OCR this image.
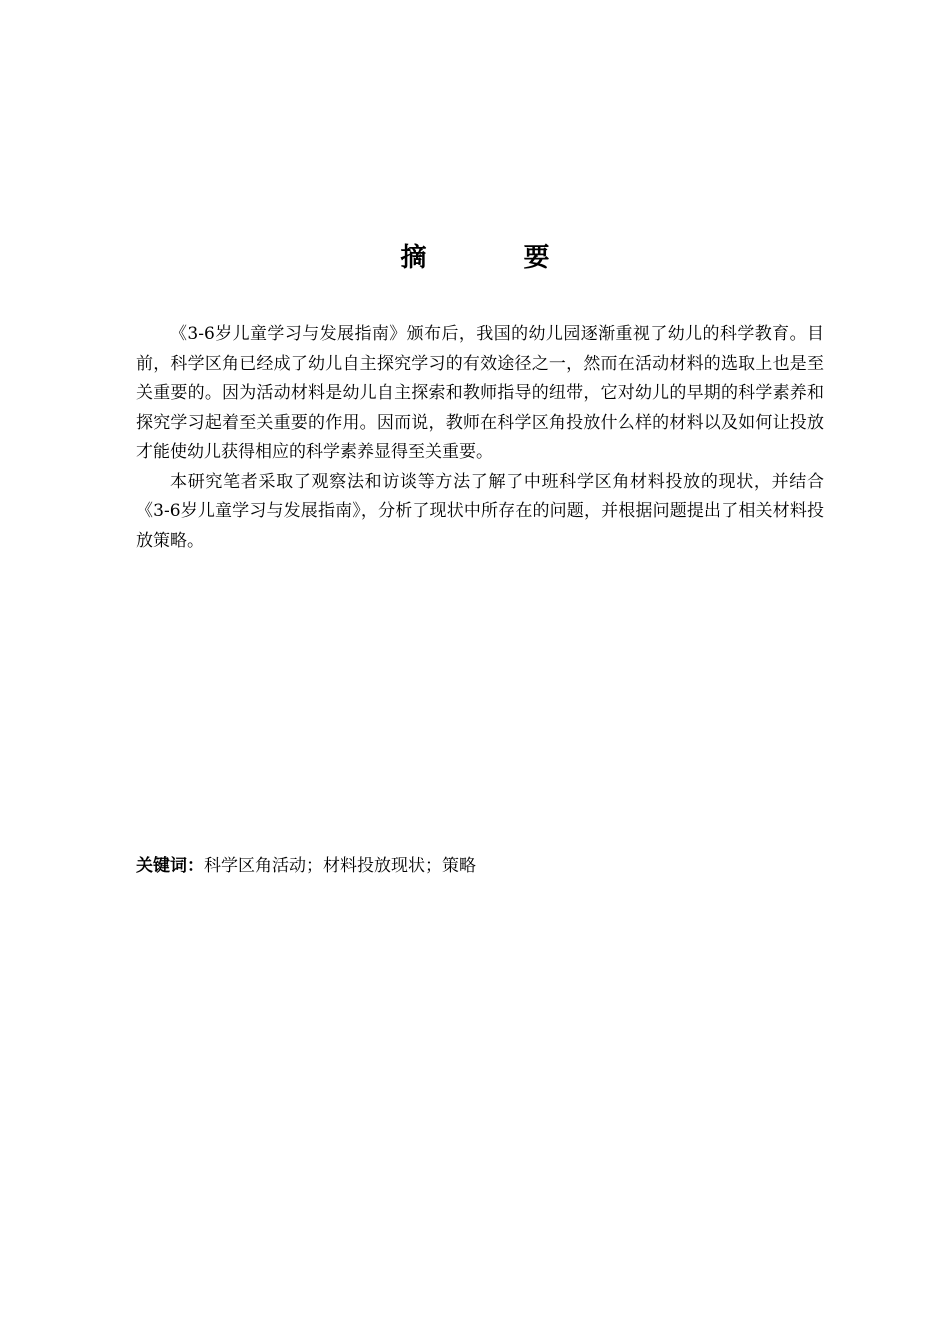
摘 要

《3-6岁儿童学习与发展指南》颁布后，我国的幼儿园逐渐重视了幼儿的科学教育。目前，科学区角已经成了幼儿自主探究学习的有效途径之一，然而在活动材料的选取上也是至关重要的。因为活动材料是幼儿自主探索和教师指导的纽带，它对幼儿的早期的科学素养和探究学习起着至关重要的作用。因而说，教师在科学区角投放什么样的材料以及如何让投放才能使幼儿获得相应的科学素养显得至关重要。

本研究笔者采取了观察法和访谈等方法了解了中班科学区角材料投放的现状，并结合《3-6岁儿童学习与发展指南》，分析了现状中所存在的问题，并根据问题提出了相关材料投放策略。

关键词：科学区角活动；材料投放现状；策略
